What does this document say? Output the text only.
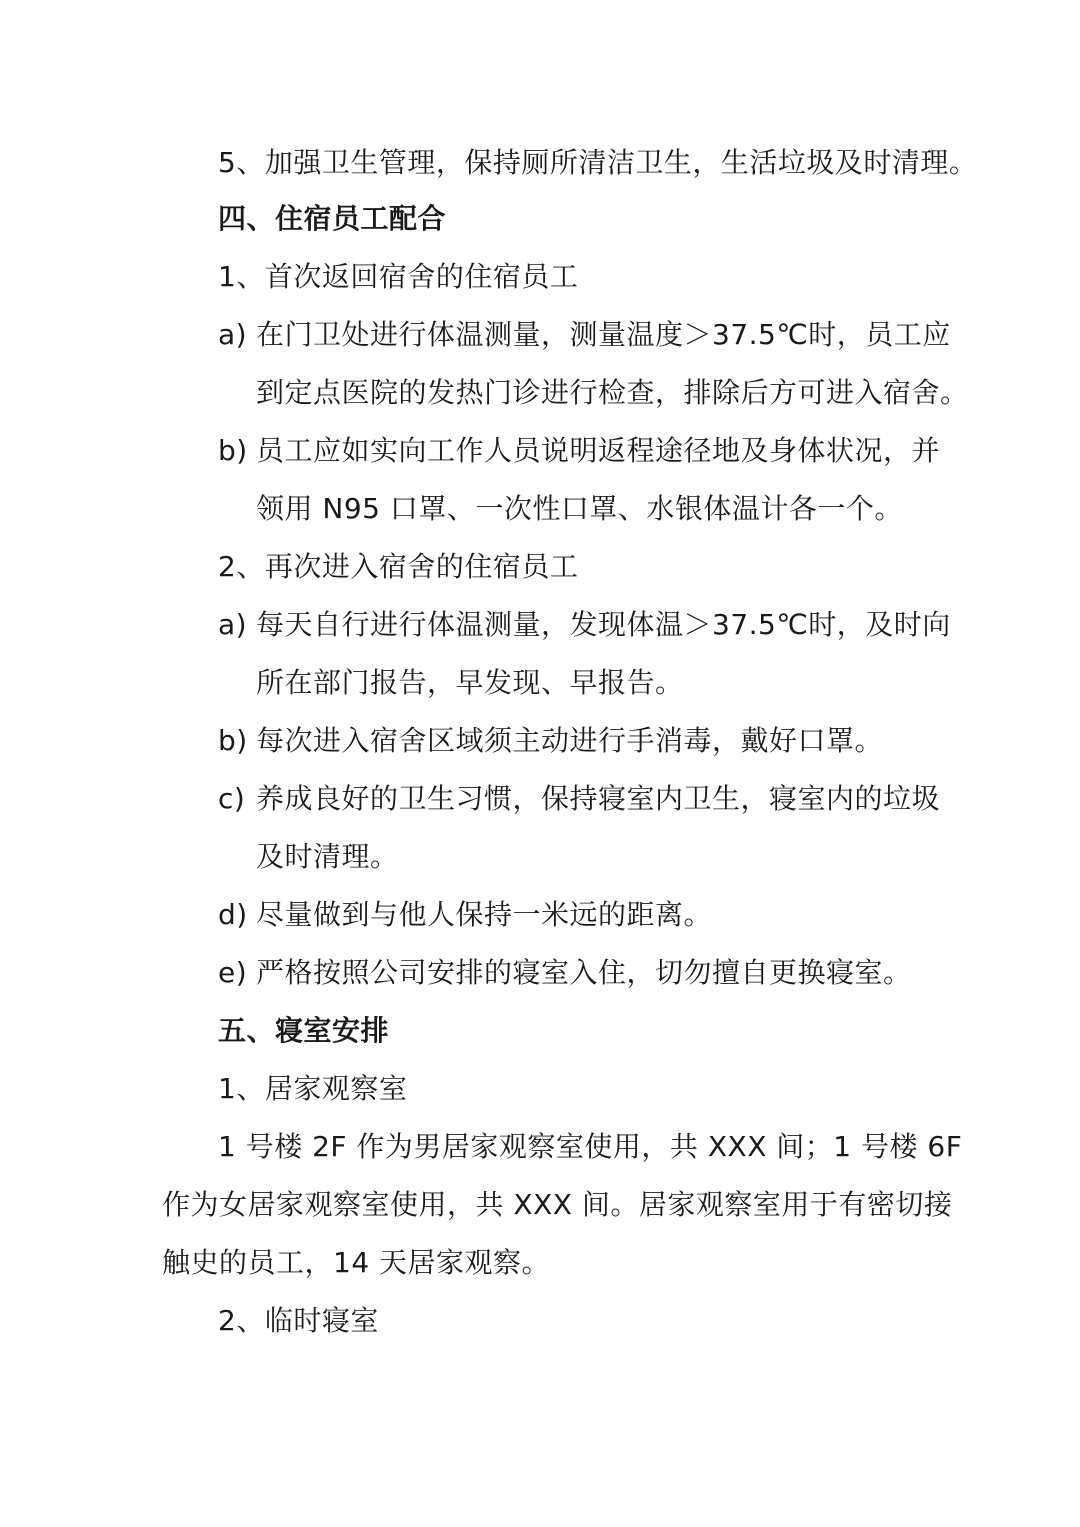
5、加强卫生管理，保持厕所清洁卫生，生活垃圾及时清理。
四、住宿员工配合
1、首次返回宿舍的住宿员工
a) 在门卫处进行体温测量，测量温度＞37.5℃时，员工应
到定点医院的发热门诊进行检查，排除后方可进入宿舍。
b) 员工应如实向工作人员说明返程途径地及身体状况，并
领用 N95 口罩、一次性口罩、水银体温计各一个。
2、再次进入宿舍的住宿员工
a) 每天自行进行体温测量，发现体温＞37.5℃时，及时向
所在部门报告，早发现、早报告。
b) 每次进入宿舍区域须主动进行手消毒，戴好口罩。
c) 养成良好的卫生习惯，保持寝室内卫生，寝室内的垃圾
及时清理。
d) 尽量做到与他人保持一米远的距离。
e) 严格按照公司安排的寝室入住，切勿擅自更换寝室。
五、寝室安排
1、居家观察室
1 号楼 2F 作为男居家观察室使用，共 XXX 间；1 号楼 6F
作为女居家观察室使用，共 XXX 间。居家观察室用于有密切接
触史的员工，14 天居家观察。
2、临时寝室
